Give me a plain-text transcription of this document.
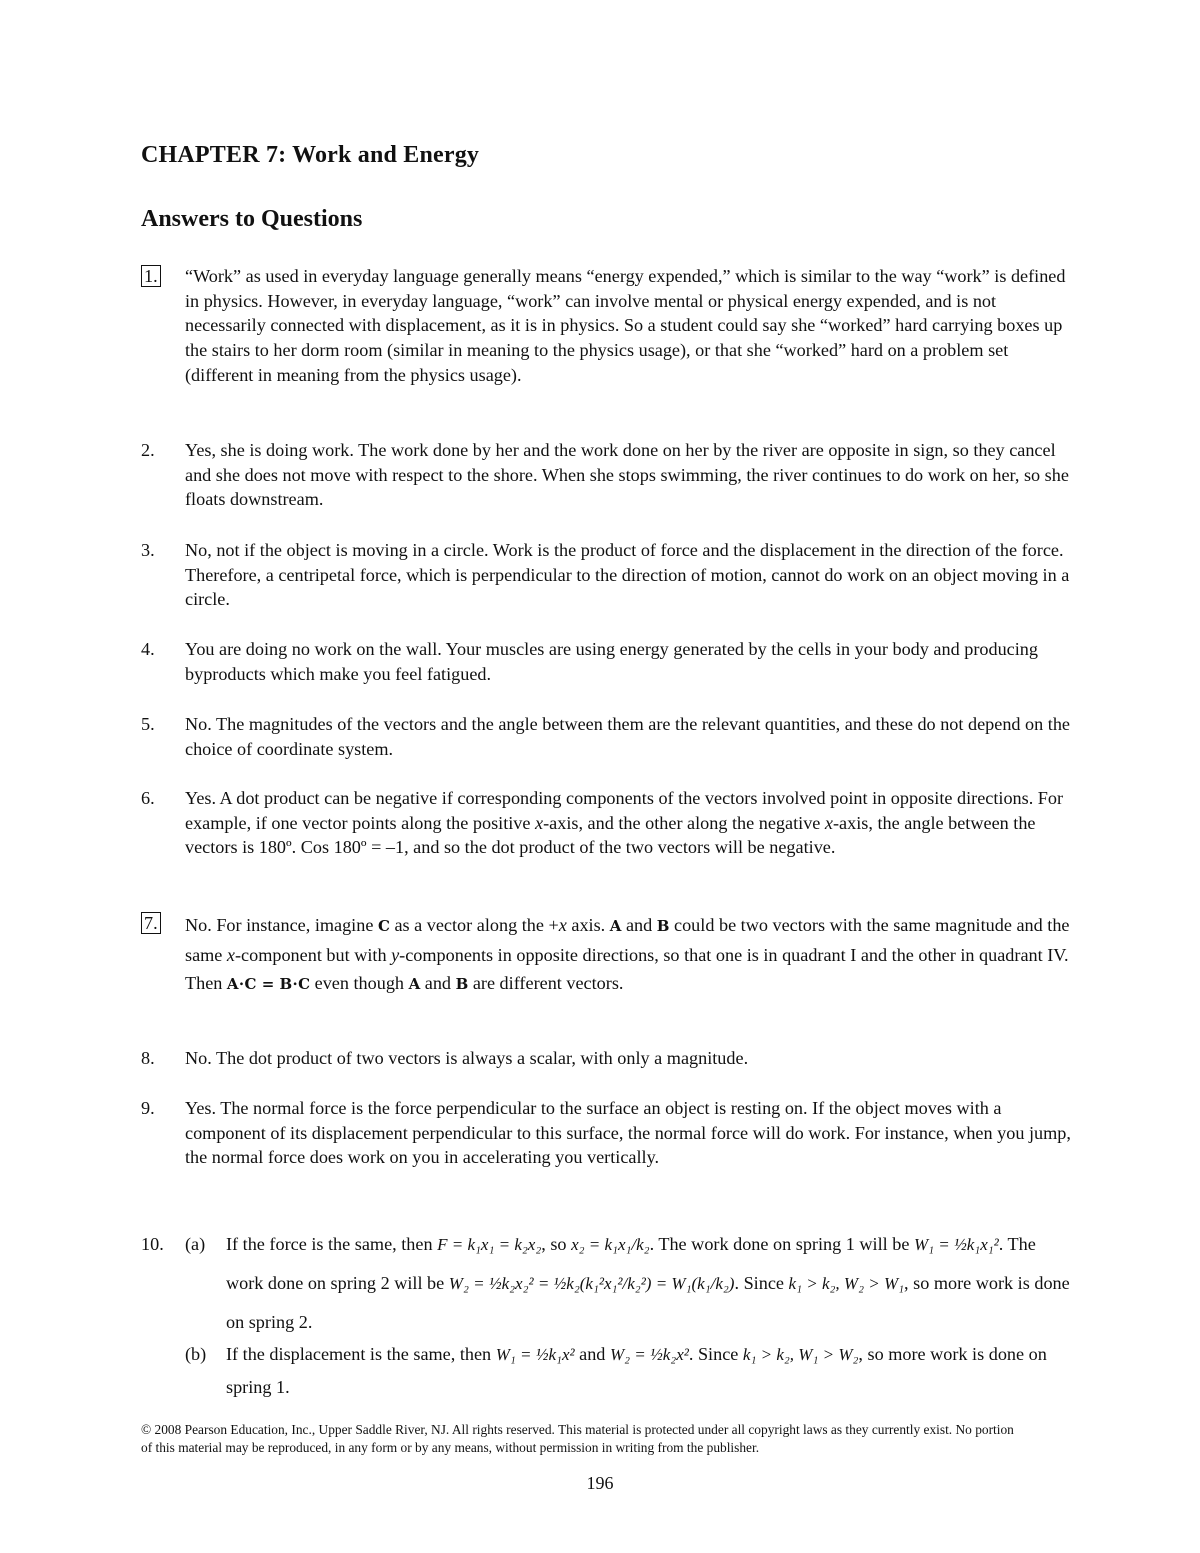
CHAPTER 7: Work and Energy
Answers to Questions
1. “Work” as used in everyday language generally means “energy expended,” which is similar to the way “work” is defined in physics. However, in everyday language, “work” can involve mental or physical energy expended, and is not necessarily connected with displacement, as it is in physics. So a student could say she “worked” hard carrying boxes up the stairs to her dorm room (similar in meaning to the physics usage), or that she “worked” hard on a problem set (different in meaning from the physics usage).
2. Yes, she is doing work. The work done by her and the work done on her by the river are opposite in sign, so they cancel and she does not move with respect to the shore. When she stops swimming, the river continues to do work on her, so she floats downstream.
3. No, not if the object is moving in a circle. Work is the product of force and the displacement in the direction of the force. Therefore, a centripetal force, which is perpendicular to the direction of motion, cannot do work on an object moving in a circle.
4. You are doing no work on the wall. Your muscles are using energy generated by the cells in your body and producing byproducts which make you feel fatigued.
5. No. The magnitudes of the vectors and the angle between them are the relevant quantities, and these do not depend on the choice of coordinate system.
6. Yes. A dot product can be negative if corresponding components of the vectors involved point in opposite directions. For example, if one vector points along the positive x-axis, and the other along the negative x-axis, the angle between the vectors is 180º. Cos 180º = –1, and so the dot product of the two vectors will be negative.
7. No. For instance, imagine C as a vector along the +x axis. A and B could be two vectors with the same magnitude and the same x-component but with y-components in opposite directions, so that one is in quadrant I and the other in quadrant IV. Then A⋅C = B⋅C even though A and B are different vectors.
8. No. The dot product of two vectors is always a scalar, with only a magnitude.
9. Yes. The normal force is the force perpendicular to the surface an object is resting on. If the object moves with a component of its displacement perpendicular to this surface, the normal force will do work. For instance, when you jump, the normal force does work on you in accelerating you vertically.
10. (a) If the force is the same, then F = k₁x₁ = k₂x₂, so x₂ = k₁x₁/k₂. The work done on spring 1 will be W₁ = ½k₁x₁². The work done on spring 2 will be W₂ = ½k₂x₂² = ½k₂(k₁²x₁²/k₂²) = W₁(k₁/k₂). Since k₁ > k₂, W₂ > W₁, so more work is done on spring 2.
(b) If the displacement is the same, then W₁ = ½k₁x² and W₂ = ½k₂x². Since k₁ > k₂, W₁ > W₂, so more work is done on spring 1.
© 2008 Pearson Education, Inc., Upper Saddle River, NJ. All rights reserved. This material is protected under all copyright laws as they currently exist. No portion of this material may be reproduced, in any form or by any means, without permission in writing from the publisher.
196
